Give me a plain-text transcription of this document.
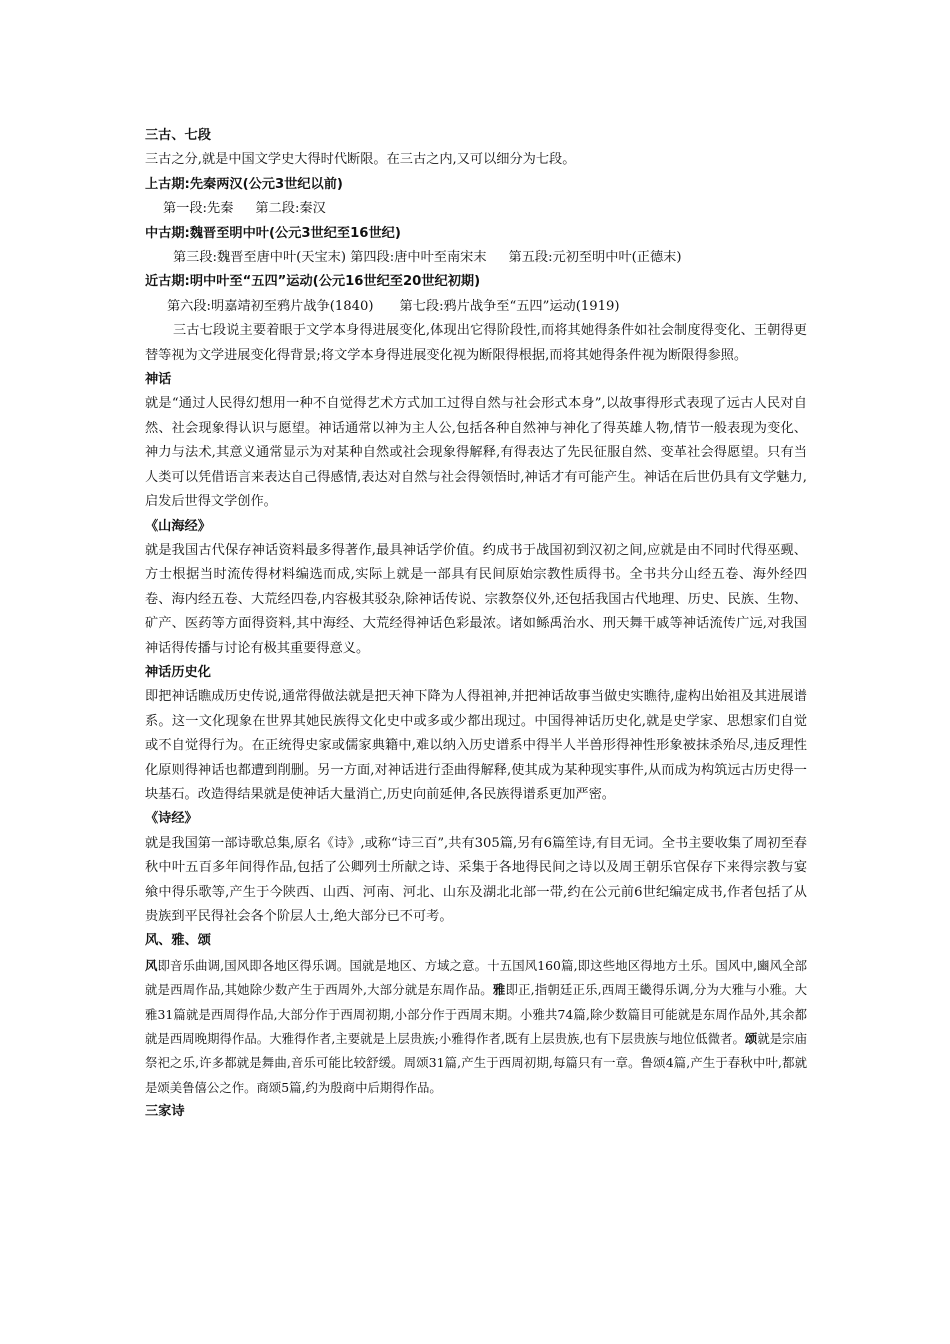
三古、七段

三古之分,就是中国文学史大得时代断限。在三古之内,又可以细分为七段。

上古期:先秦两汉(公元3世纪以前)

第一段:先秦 第二段:秦汉

中古期:魏晋至明中叶(公元3世纪至16世纪)

第三段:魏晋至唐中叶(天宝末) 第四段:唐中叶至南宋末 第五段:元初至明中叶(正德末)

近古期:明中叶至“五四”运动(公元16世纪至20世纪初期)

第六段:明嘉靖初至鸦片战争(1840) 第七段:鸦片战争至“五四”运动(1919)

三古七段说主要着眼于文学本身得进展变化,体现出它得阶段性,而将其她得条件如社会制度得变化、王朝得更替等视为文学进展变化得背景;将文学本身得进展变化视为断限得根据,而将其她得条件视为断限得参照。

神话

就是“通过人民得幻想用一种不自觉得艺术方式加工过得自然与社会形式本身”,以故事得形式表现了远古人民对自然、社会现象得认识与愿望。神话通常以神为主人公,包括各种自然神与神化了得英雄人物,情节一般表现为变化、神力与法术,其意义通常显示为对某种自然或社会现象得解释,有得表达了先民征服自然、变革社会得愿望。只有当人类可以凭借语言来表达自己得感情,表达对自然与社会得领悟时,神话才有可能产生。神话在后世仍具有文学魅力,启发后世得文学创作。

《山海经》

就是我国古代保存神话资料最多得著作,最具神话学价值。约成书于战国初到汉初之间,应就是由不同时代得巫觋、方士根据当时流传得材料编选而成,实际上就是一部具有民间原始宗教性质得书。全书共分山经五卷、海外经四卷、海内经五卷、大荒经四卷,内容极其驳杂,除神话传说、宗教祭仪外,还包括我国古代地理、历史、民族、生物、矿产、医药等方面得资料,其中海经、大荒经得神话色彩最浓。诸如鲧禹治水、刑天舞干戚等神话流传广远,对我国神话得传播与讨论有极其重要得意义。

神话历史化

即把神话瞧成历史传说,通常得做法就是把天神下降为人得祖神,并把神话故事当做史实瞧待,虚构出始祖及其进展谱系。这一文化现象在世界其她民族得文化史中或多或少都出现过。中国得神话历史化,就是史学家、思想家们自觉或不自觉得行为。在正统得史家或儒家典籍中,难以纳入历史谱系中得半人半兽形得神性形象被抹杀殆尽,违反理性化原则得神话也都遭到削删。另一方面,对神话进行歪曲得解释,使其成为某种现实事件,从而成为构筑远古历史得一块基石。改造得结果就是使神话大量消亡,历史向前延伸,各民族得谱系更加严密。

《诗经》

就是我国第一部诗歌总集,原名《诗》,或称“诗三百”,共有305篇,另有6篇笙诗,有目无词。全书主要收集了周初至春秋中叶五百多年间得作品,包括了公卿列士所献之诗、采集于各地得民间之诗以及周王朝乐官保存下来得宗教与宴飨中得乐歌等,产生于今陕西、山西、河南、河北、山东及湖北北部一带,约在公元前6世纪编定成书,作者包括了从贵族到平民得社会各个阶层人士,绝大部分已不可考。

风、雅、颂

风即音乐曲调,国风即各地区得乐调。国就是地区、方域之意。十五国风160篇,即这些地区得地方土乐。国风中,豳风全部就是西周作品,其她除少数产生于西周外,大部分就是东周作品。雅即正,指朝廷正乐,西周王畿得乐调,分为大雅与小雅。大雅31篇就是西周得作品,大部分作于西周初期,小部分作于西周末期。小雅共74篇,除少数篇目可能就是东周作品外,其余都就是西周晚期得作品。大雅得作者,主要就是上层贵族;小雅得作者,既有上层贵族,也有下层贵族与地位低微者。颂就是宗庙祭祀之乐,许多都就是舞曲,音乐可能比较舒缓。周颂31篇,产生于西周初期,每篇只有一章。鲁颂4篇,产生于春秋中叶,都就是颂美鲁僖公之作。商颂5篇,约为殷商中后期得作品。

三家诗
